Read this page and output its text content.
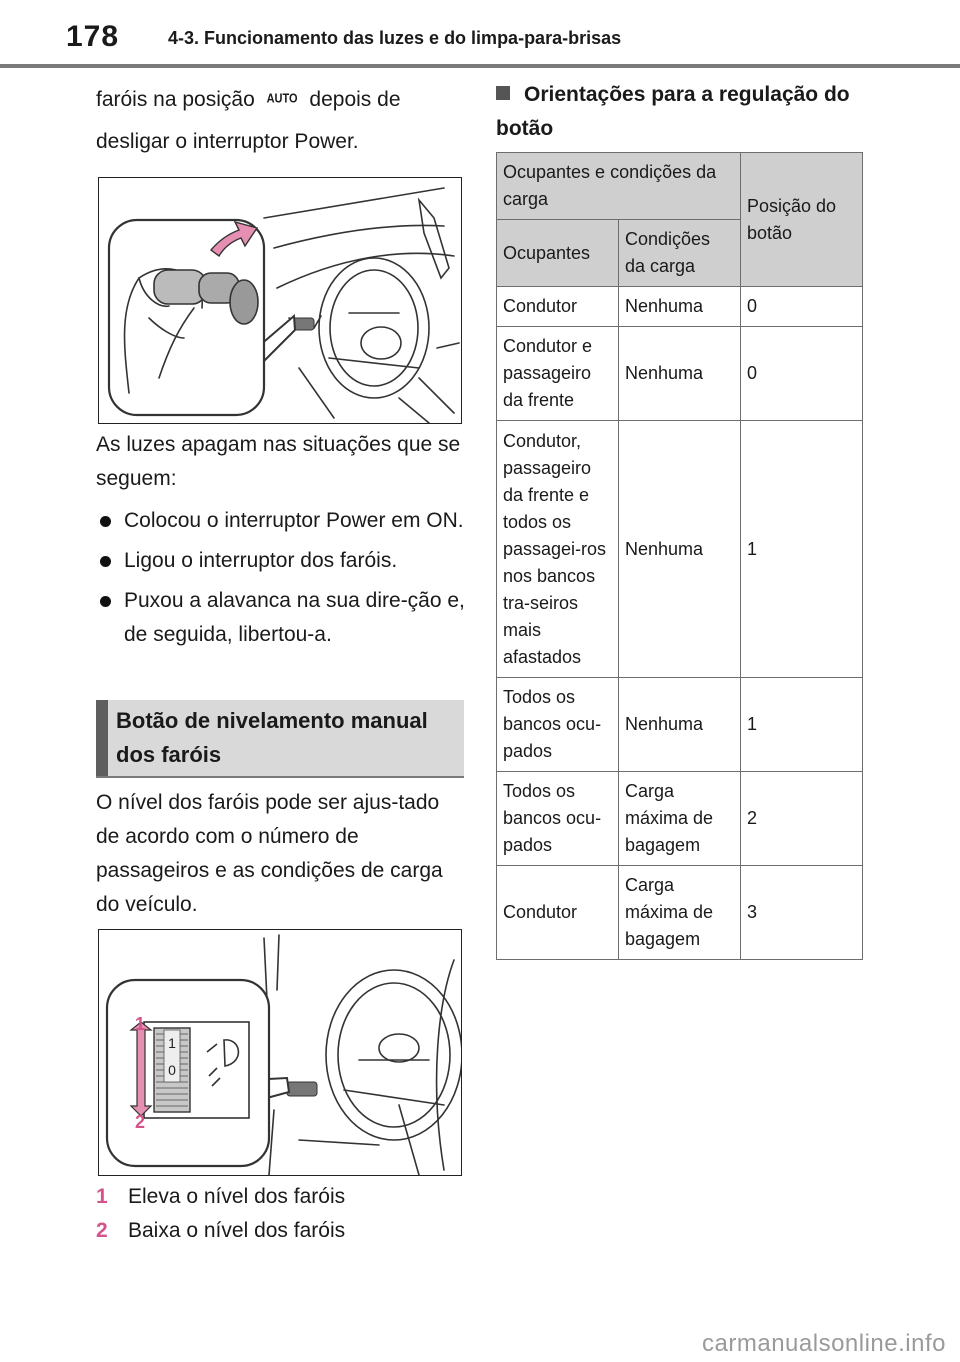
178	4-3. Funcionamento das luzes e do limpa-para-brisas

faróis na posição AUTO depois de

desligar o interruptor Power.

As luzes apagam nas situações que se seguem:

Colocou o interruptor Power em ON.
Ligou o interruptor dos faróis.
Puxou a alavanca na sua dire-ção e, de seguida, libertou-a.
Botão de nivelamento manual dos faróis

O nível dos faróis pode ser ajus-tado de acordo com o número de passageiros e as condições de carga do veículo.

1
0
1
2
1 Eleva o nível dos faróis
2 Baixa o nível dos faróis
Orientações para a regulação do botão
Ocupantes e condições da carga		Posição do botão
Ocupantes	Condições da carga	
Condutor	Nenhuma	0
Condutor e passageiro da frente	Nenhuma	0
Condutor, passageiro da frente e todos os passagei-ros nos bancos tra-seiros mais afastados	Nenhuma	1
Todos os bancos ocu-pados	Nenhuma	1
Todos os bancos ocu-pados	Carga máxima de bagagem	2
Condutor	Carga máxima de bagagem	3
carmanualsonline.info
